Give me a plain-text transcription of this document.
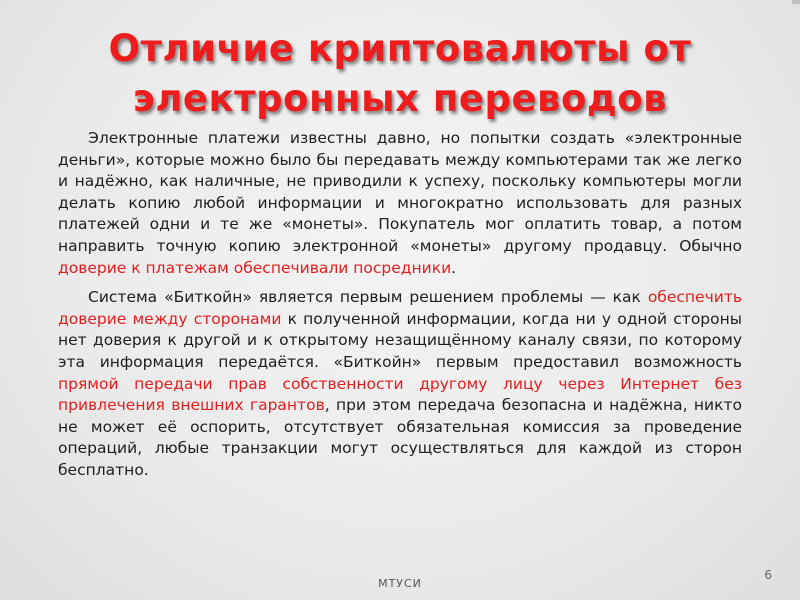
Отличие криптовалюты от
электронных переводов

Электронные платежи известны давно, но попытки создать «электронные деньги», которые можно было бы передавать между компьютерами так же легко и надёжно, как наличные, не приводили к успеху, поскольку компьютеры могли делать копию любой информации и многократно использовать для разных платежей одни и те же «монеты». Покупатель мог оплатить товар, а потом направить точную копию электронной «монеты» другому продавцу. Обычно доверие к платежам обеспечивали посредники.

Система «Биткойн» является первым решением проблемы — как обеспечить доверие между сторонами к полученной информации, когда ни у одной стороны нет доверия к другой и к открытому незащищённому каналу связи, по которому эта информация передаётся. «Биткойн» первым предоставил возможность прямой передачи прав собственности другому лицу через Интернет без привлечения внешних гарантов, при этом передача безопасна и надёжна, никто не может её оспорить, отсутствует обязательная комиссия за проведение операций, любые транзакции могут осуществляться для каждой из сторон бесплатно.

МТУСИ
6
